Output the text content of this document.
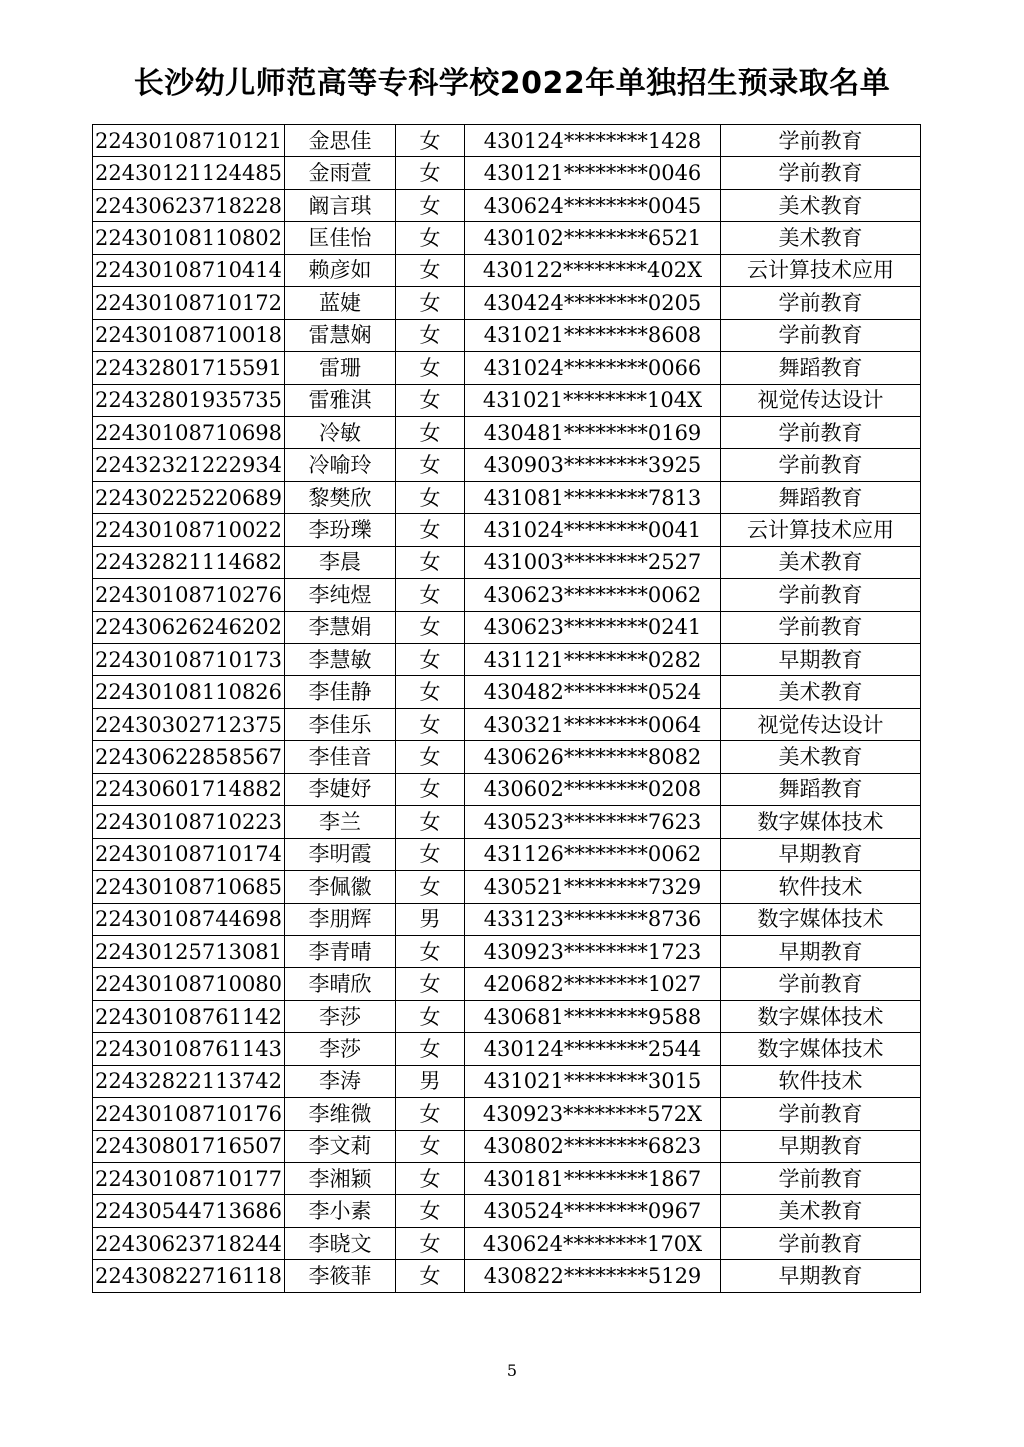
长沙幼儿师范高等专科学校2022年单独招生预录取名单
22430108710121	金思佳	女	430124********1428	学前教育
22430121124485	金雨萱	女	430121********0046	学前教育
22430623718228	阚言琪	女	430624********0045	美术教育
22430108110802	匡佳怡	女	430102********6521	美术教育
22430108710414	赖彦如	女	430122********402X	云计算技术应用
22430108710172	蓝婕	女	430424********0205	学前教育
22430108710018	雷慧娴	女	431021********8608	学前教育
22432801715591	雷珊	女	431024********0066	舞蹈教育
22432801935735	雷雅淇	女	431021********104X	视觉传达设计
22430108710698	冷敏	女	430481********0169	学前教育
22432321222934	冷喻玲	女	430903********3925	学前教育
22430225220689	黎樊欣	女	431081********7813	舞蹈教育
22430108710022	李玢瓅	女	431024********0041	云计算技术应用
22432821114682	李晨	女	431003********2527	美术教育
22430108710276	李纯煜	女	430623********0062	学前教育
22430626246202	李慧娟	女	430623********0241	学前教育
22430108710173	李慧敏	女	431121********0282	早期教育
22430108110826	李佳静	女	430482********0524	美术教育
22430302712375	李佳乐	女	430321********0064	视觉传达设计
22430622858567	李佳音	女	430626********8082	美术教育
22430601714882	李婕妤	女	430602********0208	舞蹈教育
22430108710223	李兰	女	430523********7623	数字媒体技术
22430108710174	李明霞	女	431126********0062	早期教育
22430108710685	李佩徽	女	430521********7329	软件技术
22430108744698	李朋辉	男	433123********8736	数字媒体技术
22430125713081	李青晴	女	430923********1723	早期教育
22430108710080	李晴欣	女	420682********1027	学前教育
22430108761142	李莎	女	430681********9588	数字媒体技术
22430108761143	李莎	女	430124********2544	数字媒体技术
22432822113742	李涛	男	431021********3015	软件技术
22430108710176	李维微	女	430923********572X	学前教育
22430801716507	李文莉	女	430802********6823	早期教育
22430108710177	李湘颖	女	430181********1867	学前教育
22430544713686	李小素	女	430524********0967	美术教育
22430623718244	李晓文	女	430624********170X	学前教育
22430822716118	李筱菲	女	430822********5129	早期教育
5
